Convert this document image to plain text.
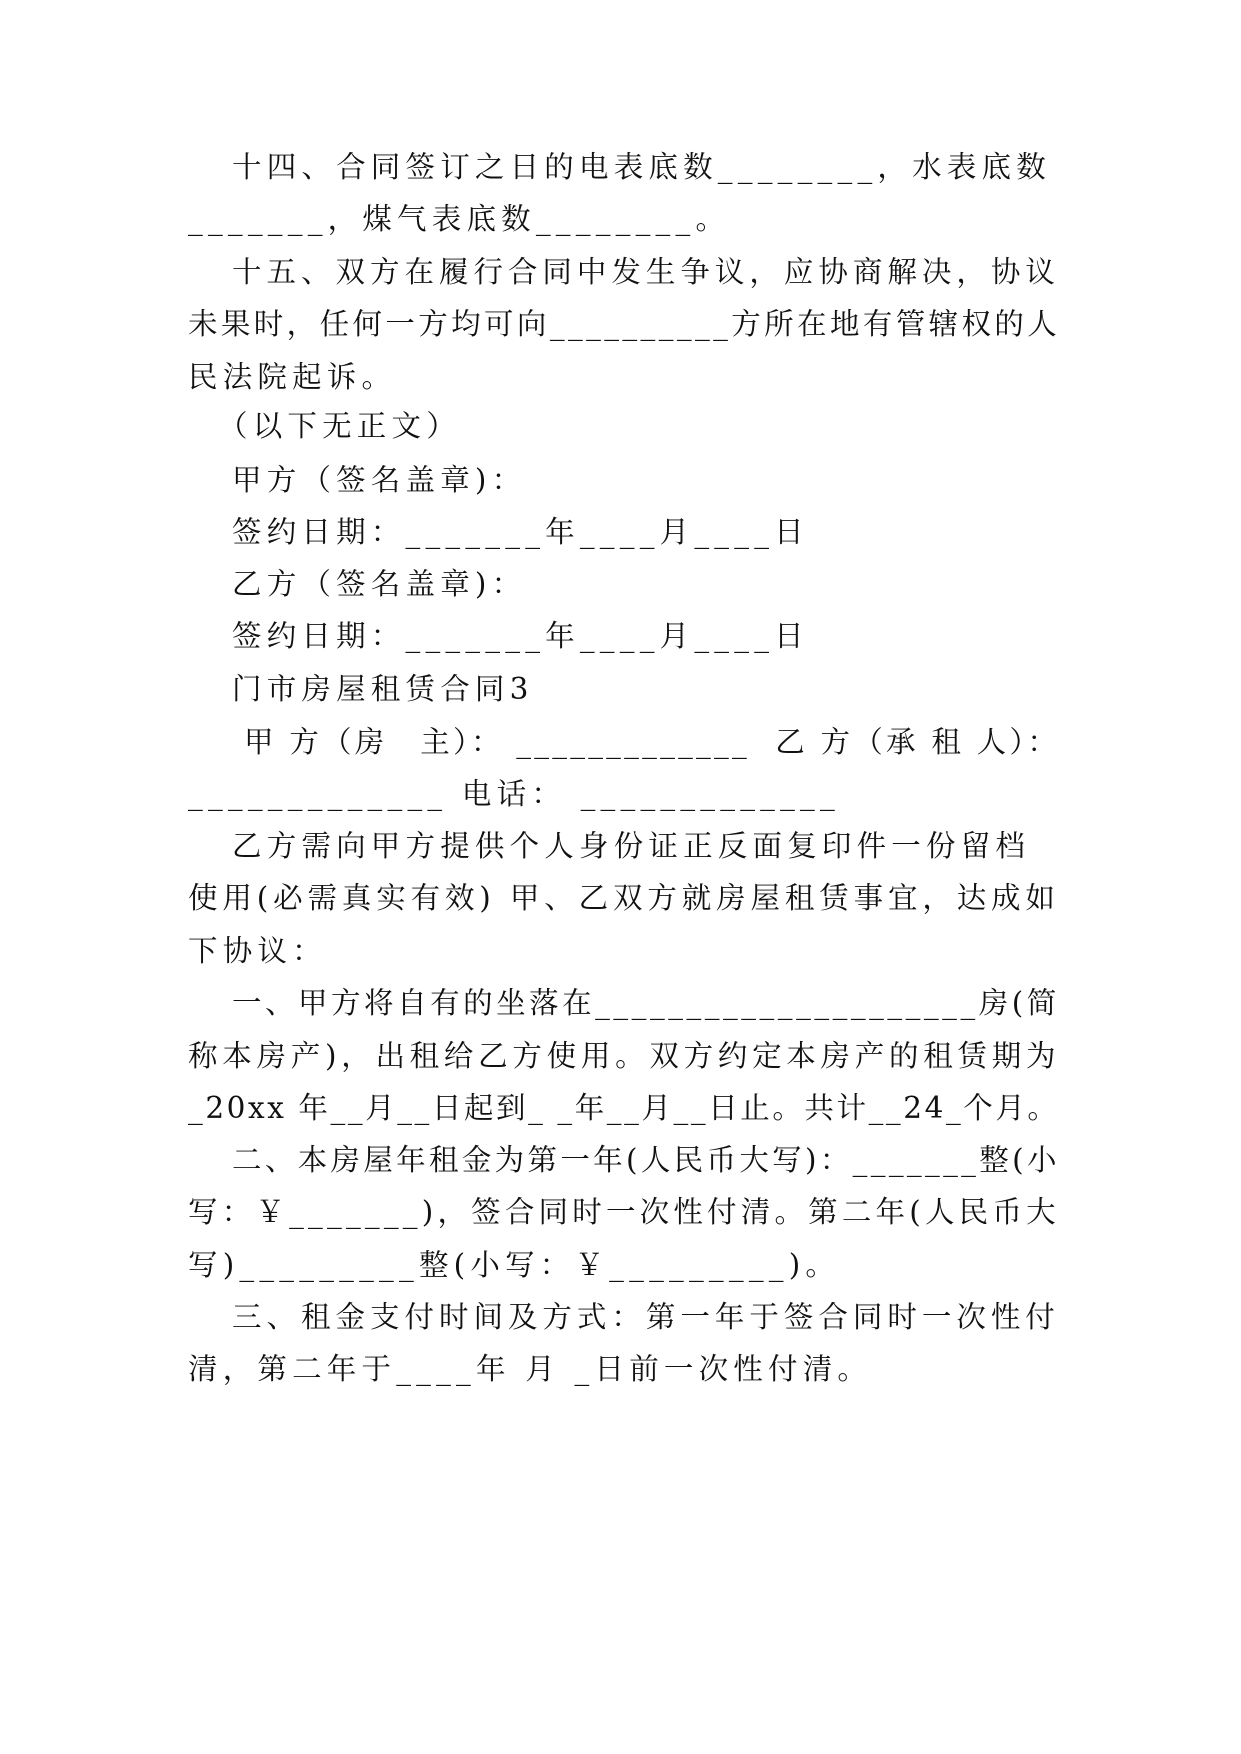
十四、合同签订之日的电表底数________，水表底数
_______，煤气表底数________。
十五、双方在履行合同中发生争议，应协商解决，协议
未果时，任何一方均可向__________方所在地有管辖权的人
民法院起诉。
（以下无正文）
甲方（签名盖章)：
签约日期：_______年____月____日
乙方（签名盖章)：
签约日期：_______年____月____日
门市房屋租赁合同3
甲 方（房　主）： _____________  乙 方（承 租 人）：
_____________ 电话： _____________
乙方需向甲方提供个人身份证正反面复印件一份留档
使用(必需真实有效) 甲、乙双方就房屋租赁事宜，达成如
下协议：
一、甲方将自有的坐落在_____________________房(简
称本房产)，出租给乙方使用。双方约定本房产的租赁期为
_20xx 年__月__日起到_ _年__月__日止。共计__24_个月。
二、本房屋年租金为第一年(人民币大写)：_______整(小
写：￥_______)，签合同时一次性付清。第二年(人民币大
写)_________整(小写：￥_________)。
三、租金支付时间及方式：第一年于签合同时一次性付
清，第二年于____年 月 _日前一次性付清。
